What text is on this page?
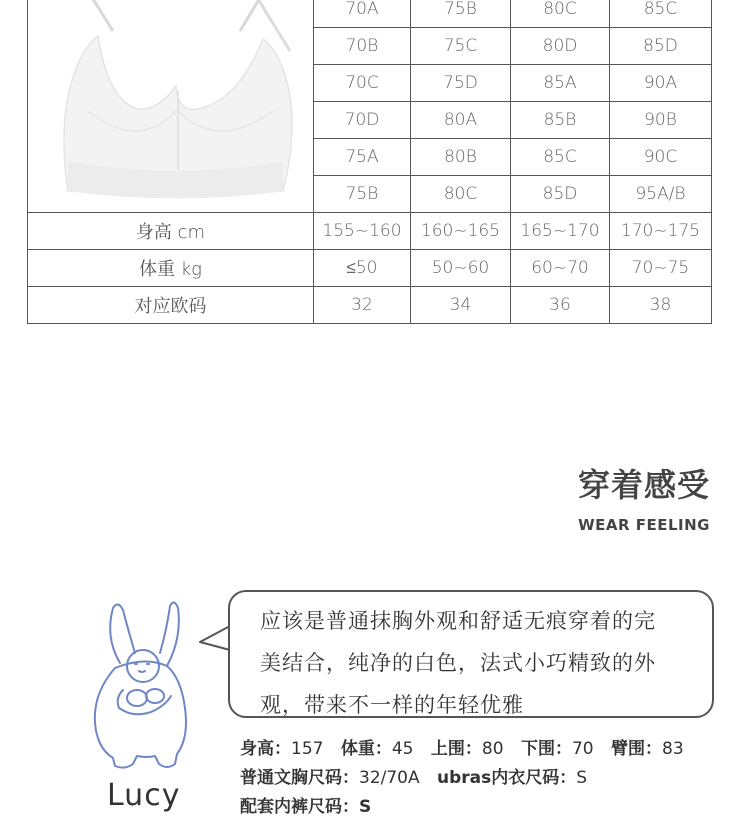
	70A	75B	80C	85C
	70B	75C	80D	85D
	70C	75D	85A	90A
	70D	80A	85B	90B
	75A	80B	85C	90C
	75B	80C	85D	95A/B
身高 cm	155~160	160~165	165~170	170~175
体重 kg	≤50	50~60	60~70	70~75
对应欧码	32	34	36	38
穿着感受
WEAR FEELING
Lucy
应该是普通抹胸外观和舒适无痕穿着的完
美结合，纯净的白色，法式小巧精致的外
观，带来不一样的年轻优雅
身高：157 体重：45 上围：80 下围：70 臂围：83
普通文胸尺码：32/70A ubras内衣尺码：S
配套内裤尺码：S
